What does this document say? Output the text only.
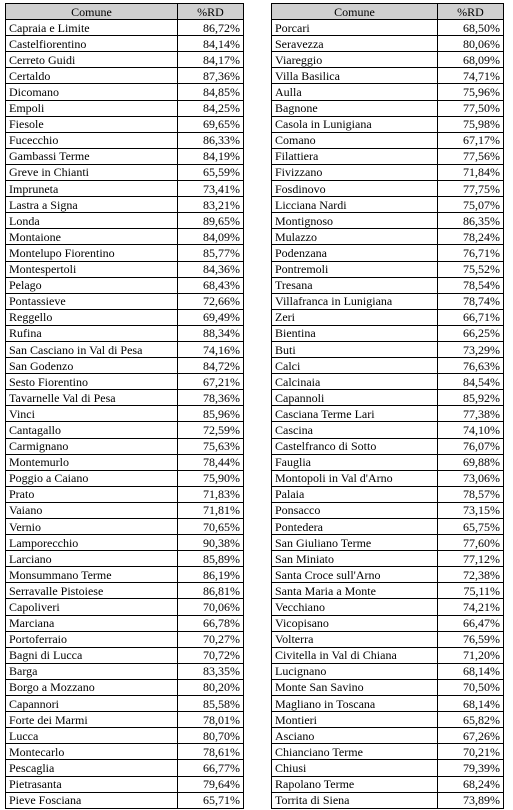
Comune	%RD
Capraia e Limite	86,72%
Castelfiorentino	84,14%
Cerreto Guidi	84,17%
Certaldo	87,36%
Dicomano	84,85%
Empoli	84,25%
Fiesole	69,65%
Fucecchio	86,33%
Gambassi Terme	84,19%
Greve in Chianti	65,59%
Impruneta	73,41%
Lastra a Signa	83,21%
Londa	89,65%
Montaione	84,09%
Montelupo Fiorentino	85,77%
Montespertoli	84,36%
Pelago	68,43%
Pontassieve	72,66%
Reggello	69,49%
Rufina	88,34%
San Casciano in Val di Pesa	74,16%
San Godenzo	84,72%
Sesto Fiorentino	67,21%
Tavarnelle Val di Pesa	78,36%
Vinci	85,96%
Cantagallo	72,59%
Carmignano	75,63%
Montemurlo	78,44%
Poggio a Caiano	75,90%
Prato	71,83%
Vaiano	71,81%
Vernio	70,65%
Lamporecchio	90,38%
Larciano	85,89%
Monsummano Terme	86,19%
Serravalle Pistoiese	86,81%
Capoliveri	70,06%
Marciana	66,78%
Portoferraio	70,27%
Bagni di Lucca	70,72%
Barga	83,35%
Borgo a Mozzano	80,20%
Capannori	85,58%
Forte dei Marmi	78,01%
Lucca	80,70%
Montecarlo	78,61%
Pescaglia	66,77%
Pietrasanta	79,64%
Pieve Fosciana	65,71%
Comune	%RD
Porcari	68,50%
Seravezza	80,06%
Viareggio	68,09%
Villa Basilica	74,71%
Aulla	75,96%
Bagnone	77,50%
Casola in Lunigiana	75,98%
Comano	67,17%
Filattiera	77,56%
Fivizzano	71,84%
Fosdinovo	77,75%
Licciana Nardi	75,07%
Montignoso	86,35%
Mulazzo	78,24%
Podenzana	76,71%
Pontremoli	75,52%
Tresana	78,54%
Villafranca in Lunigiana	78,74%
Zeri	66,71%
Bientina	66,25%
Buti	73,29%
Calci	76,63%
Calcinaia	84,54%
Capannoli	85,92%
Casciana Terme Lari	77,38%
Cascina	74,10%
Castelfranco di Sotto	76,07%
Fauglia	69,88%
Montopoli in Val d'Arno	73,06%
Palaia	78,57%
Ponsacco	73,15%
Pontedera	65,75%
San Giuliano Terme	77,60%
San Miniato	77,12%
Santa Croce sull'Arno	72,38%
Santa Maria a Monte	75,11%
Vecchiano	74,21%
Vicopisano	66,47%
Volterra	76,59%
Civitella in Val di Chiana	71,20%
Lucignano	68,14%
Monte San Savino	70,50%
Magliano in Toscana	68,14%
Montieri	65,82%
Asciano	67,26%
Chianciano Terme	70,21%
Chiusi	79,39%
Rapolano Terme	68,24%
Torrita di Siena	73,89%
